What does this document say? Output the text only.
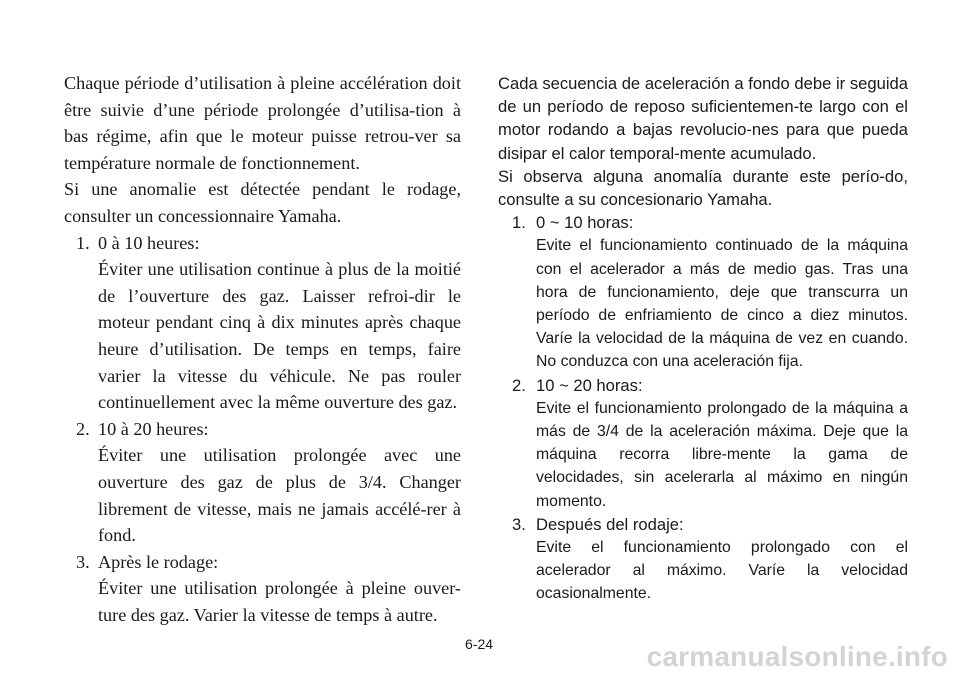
Chaque période d’utilisation à pleine accélération doit être suivie d’une période prolongée d’utilisa-tion à bas régime, afin que le moteur puisse retrou-ver sa température normale de fonctionnement.

Si une anomalie est détectée pendant le rodage, consulter un concessionnaire Yamaha.

1. 0 à 10 heures:

Éviter une utilisation continue à plus de la moitié de l’ouverture des gaz. Laisser refroi-dir le moteur pendant cinq à dix minutes après chaque heure d’utilisation. De temps en temps, faire varier la vitesse du véhicule. Ne pas rouler continuellement avec la même ouverture des gaz.

2. 10 à 20 heures:

Éviter une utilisation prolongée avec une ouverture des gaz de plus de 3/4. Changer librement de vitesse, mais ne jamais accélé-rer à fond.

3. Après le rodage:

Éviter une utilisation prolongée à pleine ouver-ture des gaz. Varier la vitesse de temps à autre.

Cada secuencia de aceleración a fondo debe ir seguida de un período de reposo suficientemen-te largo con el motor rodando a bajas revolucio-nes para que pueda disipar el calor temporal-mente acumulado.

Si observa alguna anomalía durante este perío-do, consulte a su concesionario Yamaha.

1. 0 ~ 10 horas:

Evite el funcionamiento continuado de la máquina con el acelerador a más de medio gas. Tras una hora de funcionamiento, deje que transcurra un período de enfriamiento de cinco a diez minutos. Varíe la velocidad de la máquina de vez en cuando. No conduzca con una aceleración fija.

2. 10 ~ 20 horas:

Evite el funcionamiento prolongado de la máquina a más de 3/4 de la aceleración máxima. Deje que la máquina recorra libre-mente la gama de velocidades, sin acelerarla al máximo en ningún momento.

3. Después del rodaje:

Evite el funcionamiento prolongado con el acelerador al máximo. Varíe la velocidad ocasionalmente.

6-24	carmanualsonline.info
